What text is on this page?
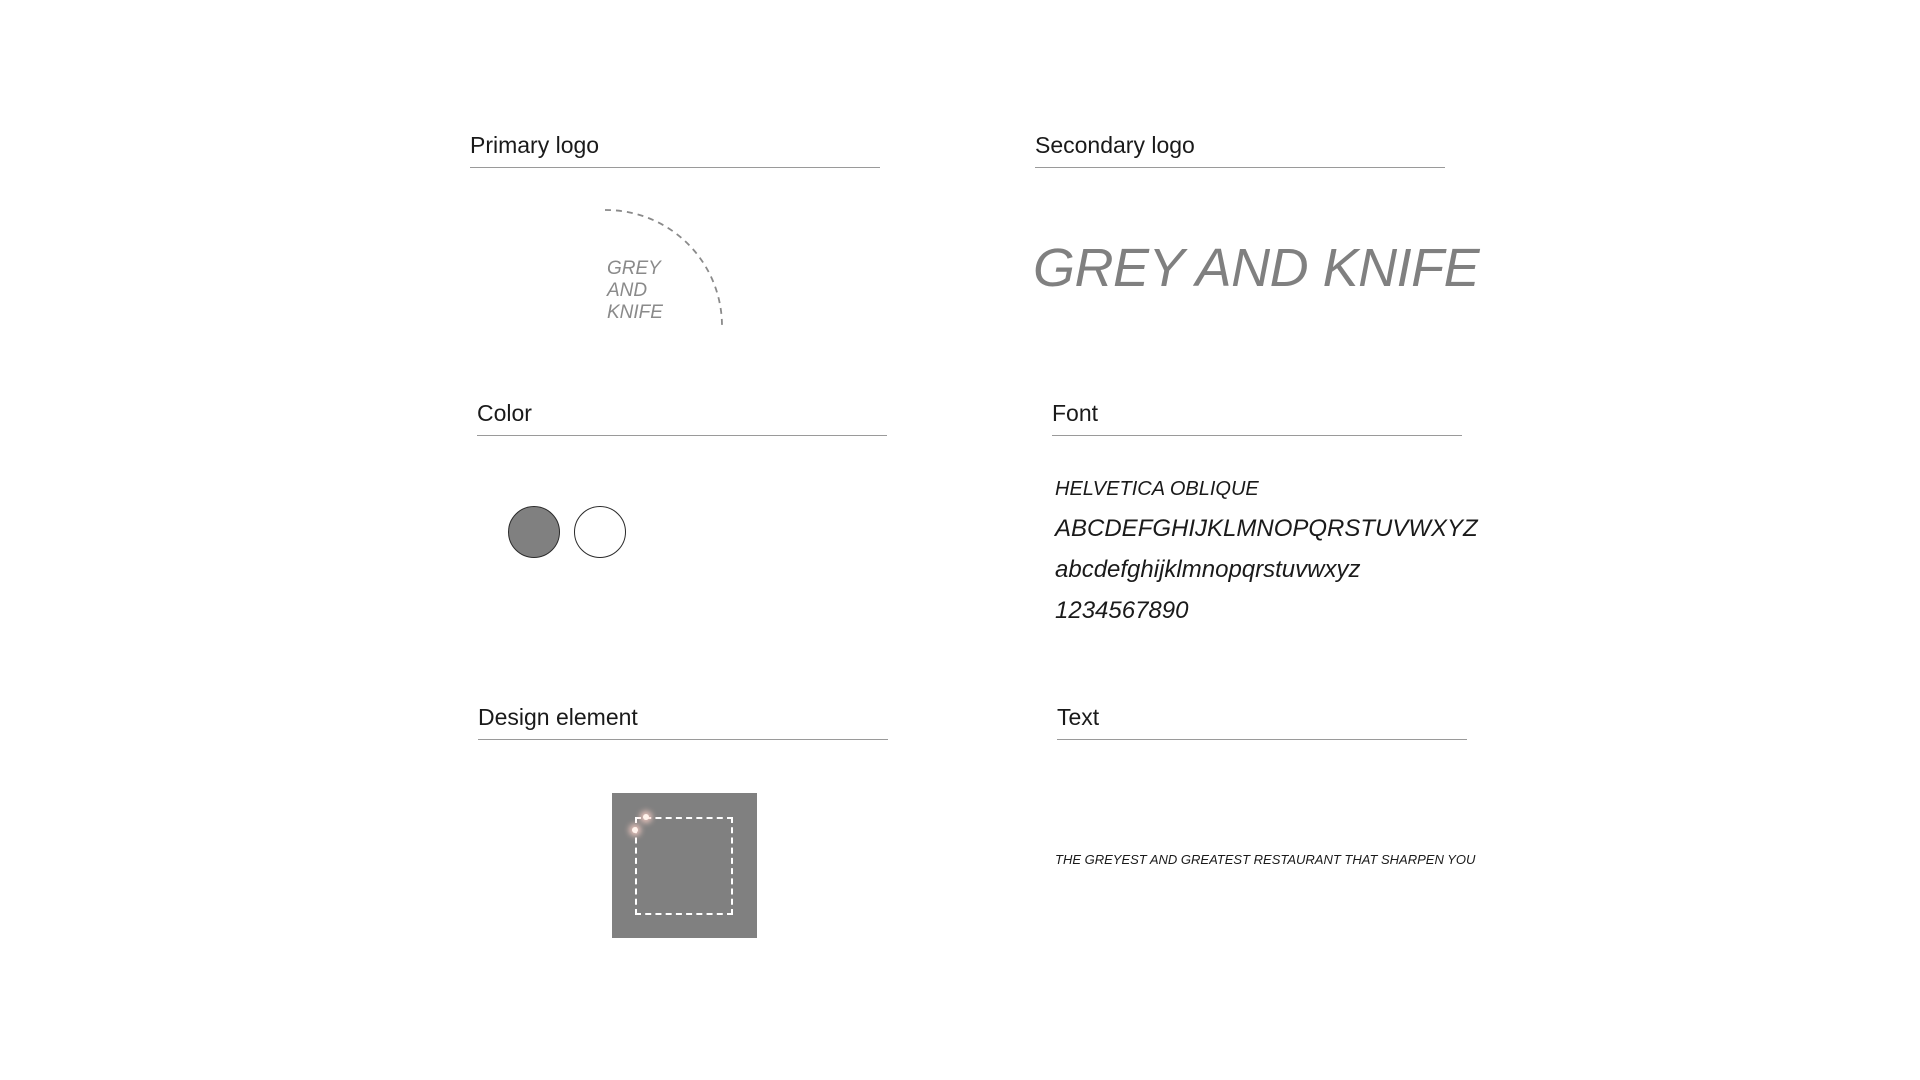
Primary logo	Secondary logo
Color	Font
Design element	Text
GREY
AND
KNIFE
GREY AND KNIFE
HELVETICA OBLIQUE
ABCDEFGHIJKLMNOPQRSTUVWXYZ
abcdefghijklmnopqrstuvwxyz
1234567890
THE GREYEST AND GREATEST RESTAURANT THAT SHARPEN YOU
